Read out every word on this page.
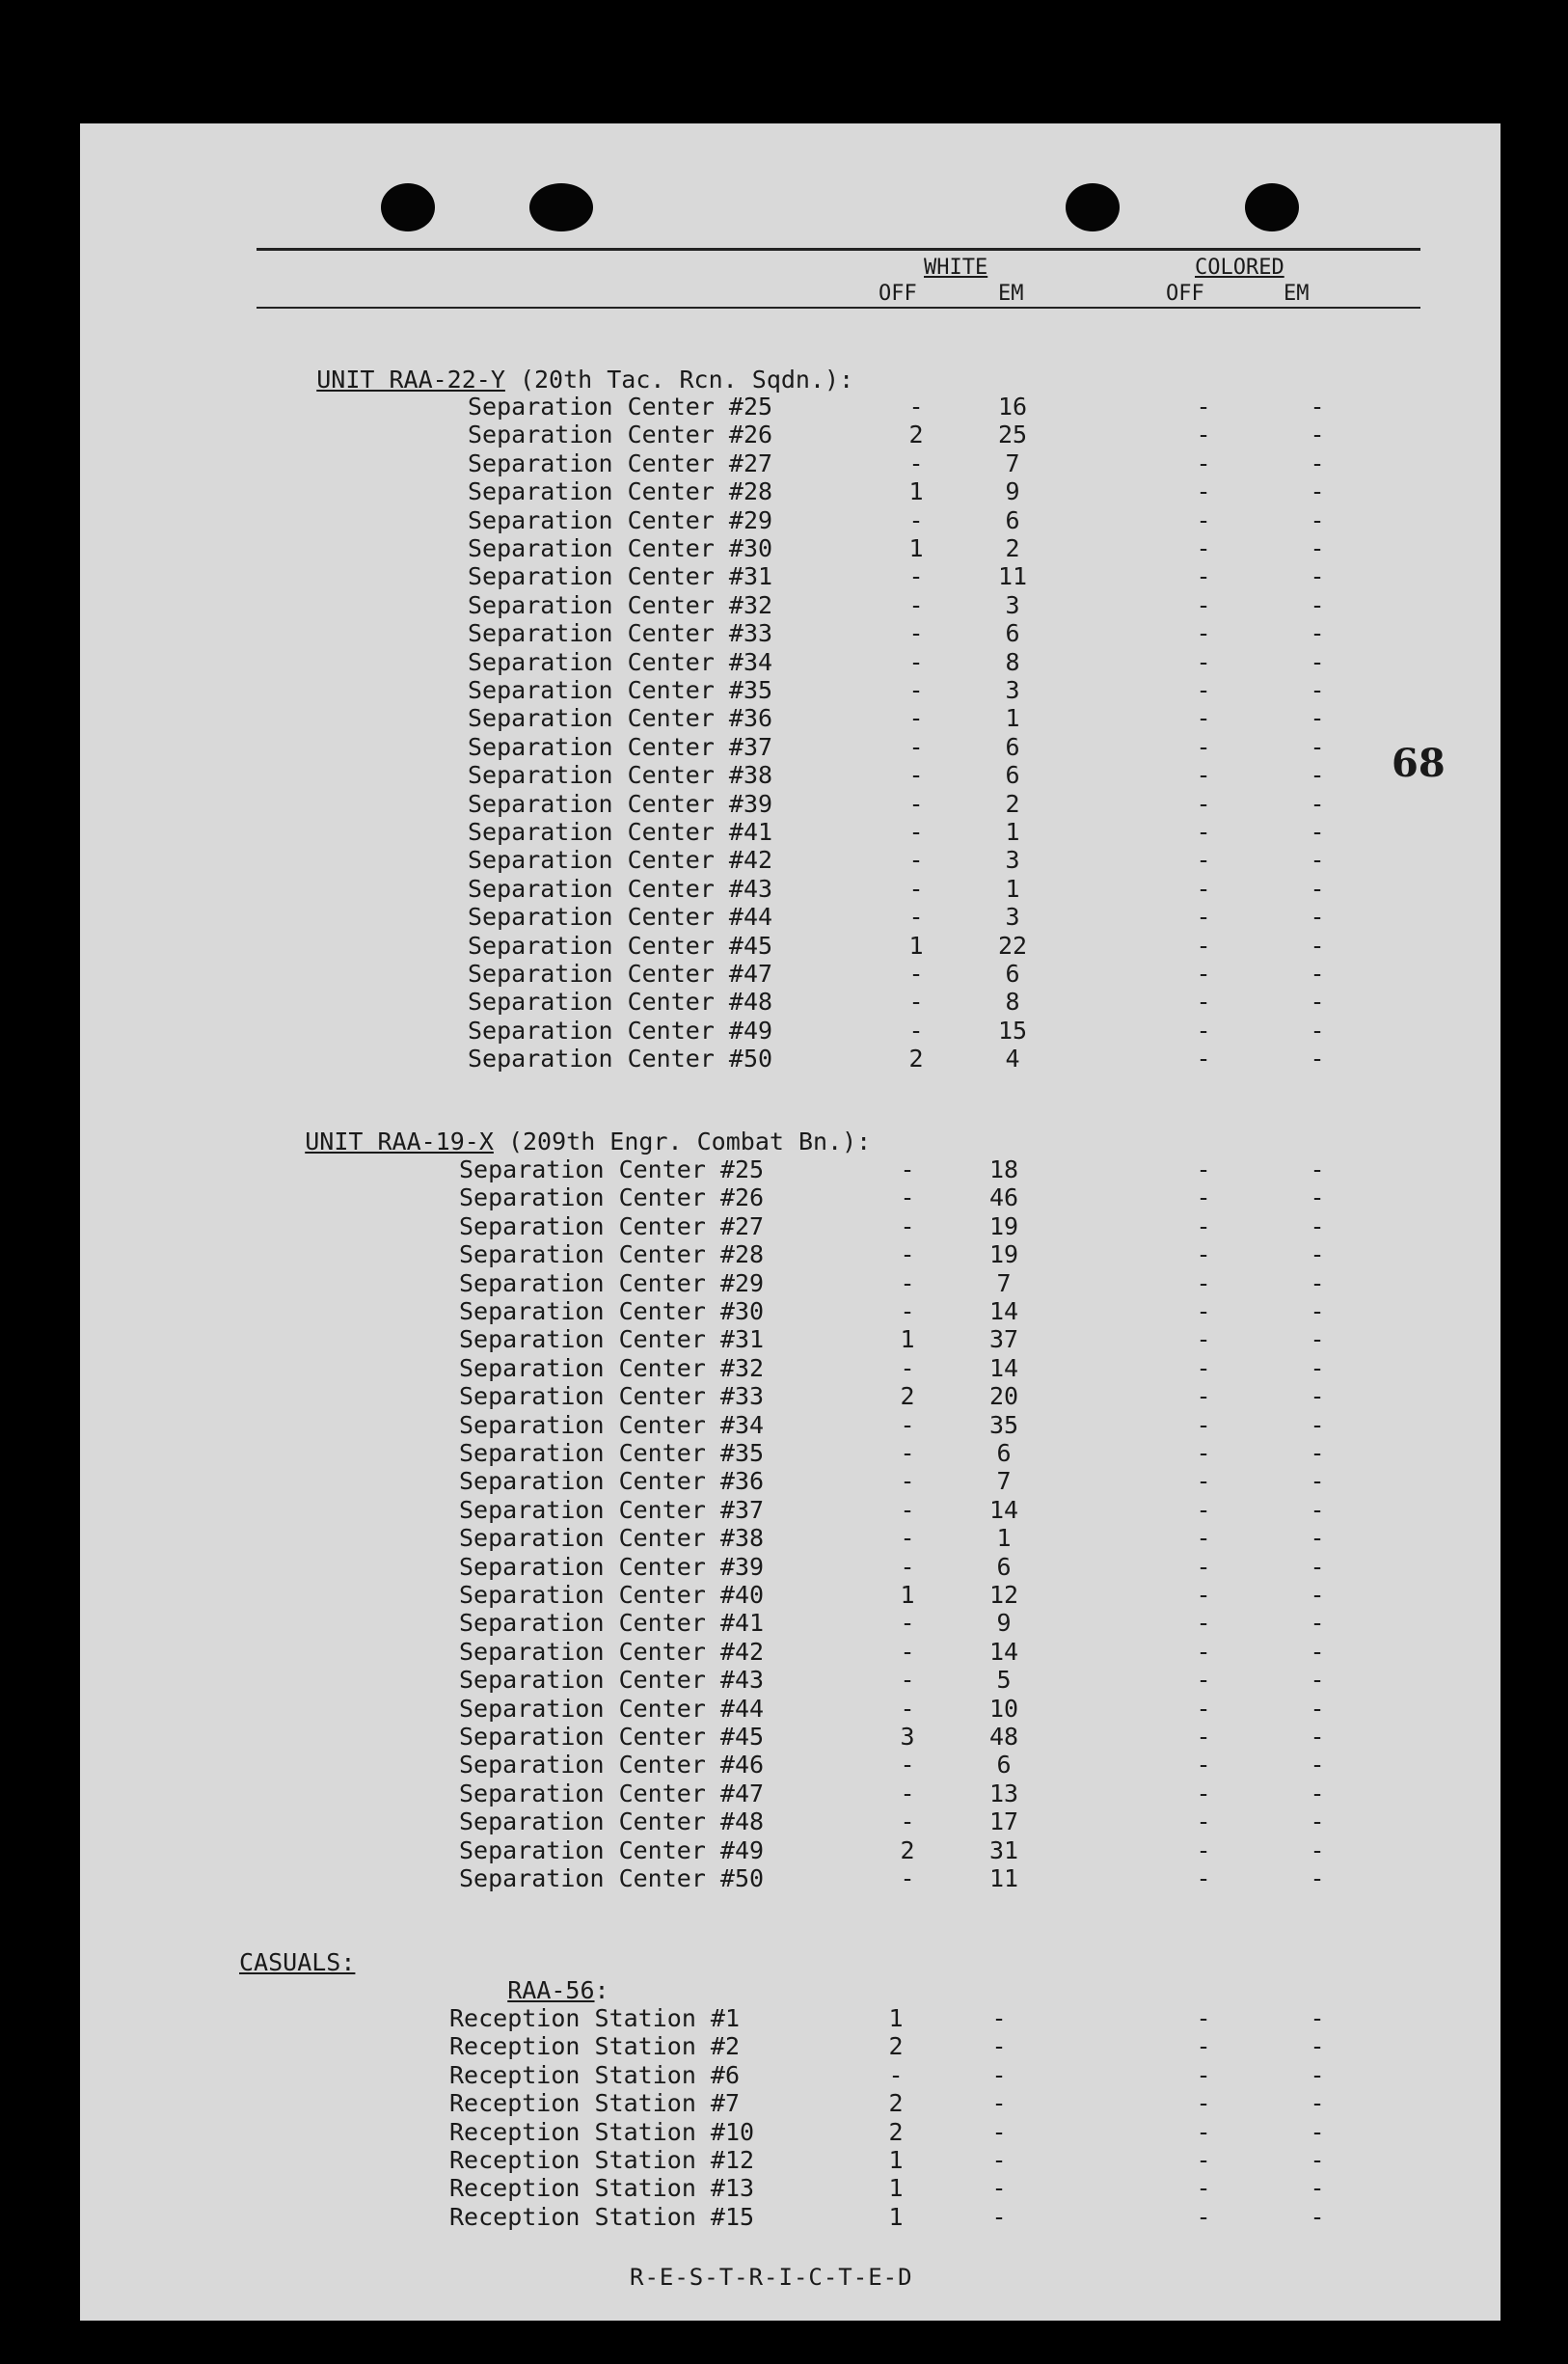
WHITE	COLORED
OFF	EM	OFF	EM

UNIT RAA-22-Y (20th Tac. Rcn. Sqdn.):

Separation Center #25	-	16	-	-
Separation Center #26	2	25	-	-
Separation Center #27	-	7	-	-
Separation Center #28	1	9	-	-
Separation Center #29	-	6	-	-
Separation Center #30	1	2	-	-
Separation Center #31	-	11	-	-
Separation Center #32	-	3	-	-
Separation Center #33	-	6	-	-
Separation Center #34	-	8	-	-
Separation Center #35	-	3	-	-
Separation Center #36	-	1	-	-
Separation Center #37	-	6	-	-
Separation Center #38	-	6	-	-
Separation Center #39	-	2	-	-
Separation Center #41	-	1	-	-
Separation Center #42	-	3	-	-
Separation Center #43	-	1	-	-
Separation Center #44	-	3	-	-
Separation Center #45	1	22	-	-
Separation Center #47	-	6	-	-
Separation Center #48	-	8	-	-
Separation Center #49	-	15	-	-
Separation Center #50	2	4	-	-

UNIT RAA-19-X (209th Engr. Combat Bn.):

Separation Center #25	-	18	-	-
Separation Center #26	-	46	-	-
Separation Center #27	-	19	-	-
Separation Center #28	-	19	-	-
Separation Center #29	-	7	-	-
Separation Center #30	-	14	-	-
Separation Center #31	1	37	-	-
Separation Center #32	-	14	-	-
Separation Center #33	2	20	-	-
Separation Center #34	-	35	-	-
Separation Center #35	-	6	-	-
Separation Center #36	-	7	-	-
Separation Center #37	-	14	-	-
Separation Center #38	-	1	-	-
Separation Center #39	-	6	-	-
Separation Center #40	1	12	-	-
Separation Center #41	-	9	-	-
Separation Center #42	-	14	-	-
Separation Center #43	-	5	-	-
Separation Center #44	-	10	-	-
Separation Center #45	3	48	-	-
Separation Center #46	-	6	-	-
Separation Center #47	-	13	-	-
Separation Center #48	-	17	-	-
Separation Center #49	2	31	-	-
Separation Center #50	-	11	-	-
CASUALS:

RAA-56:

Reception Station #1	1	-	-	-
Reception Station #2	2	-	-	-
Reception Station #6	-	-	-	-
Reception Station #7	2	-	-	-
Reception Station #10	2	-	-	-
Reception Station #12	1	-	-	-
Reception Station #13	1	-	-	-
Reception Station #15	1	-	-	-
68
R-E-S-T-R-I-C-T-E-D
